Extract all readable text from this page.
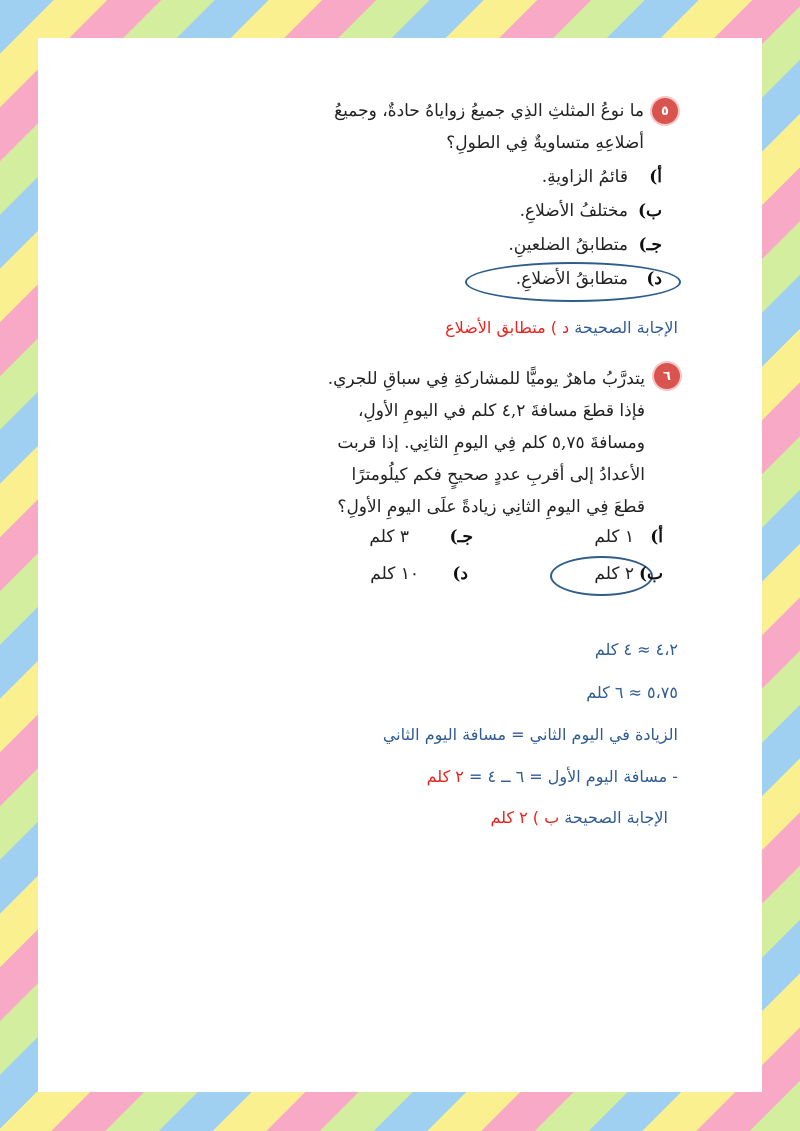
٥
ما نوعُ المثلثِ الذِي جميعُ زواياهُ حادةٌ، وجميعُ
أضلاعِهِ متساويةٌ فِي الطولِ؟
أ)
قائمُ الزاويةِ.
ب)
مختلفُ الأضلاعِ.
جـ)
متطابقُ الضلعينِ.
د)
متطابقُ الأضلاعِ.
الإجابة الصحيحة د ) متطابق الأضلاع
٦
يتدرَّبُ ماهرٌ يوميًّا للمشاركةِ فِي سباقِ للجري.
فإذا قطعَ مسافةَ ٤,٢ كلم في اليومِ الأولِ،
ومسافةَ ٥,٧٥ كلم فِي اليومِ الثانِي. إذا قربت
الأعدادُ إلى أقربِ عددٍ صحيحٍ فكم كيلُومترًا
قطعَ فِي اليومِ الثانِي زيادةً علَى اليومِ الأولِ؟
أ)
١ كلم
جـ)
٣ كلم
ب)
٢ كلم
د)
١٠ كلم
٤،٢ ≈ ٤ كلم
٥،٧٥ ≈ ٦ كلم
الزيادة في اليوم الثاني = مسافة اليوم الثاني
- مسافة اليوم الأول = ٦ ــ ٤ = ٢ كلم
الإجابة الصحيحة ب ) ٢ كلم
